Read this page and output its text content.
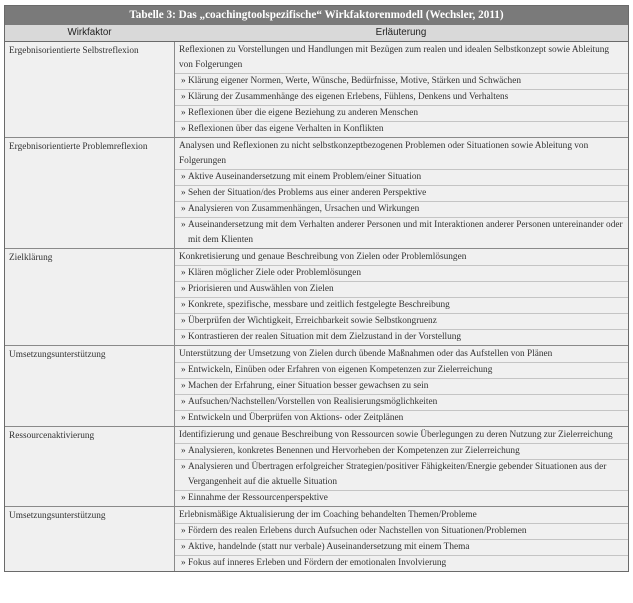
Tabelle 3: Das „coachingtoolspezifische“ Wirkfaktorenmodell (Wechsler, 2011)
Wirkfaktor	Erläuterung
Ergebnisorientierte Selbstreflexion	Reflexionen zu Vorstellungen und Handlungen mit Bezügen zum realen und idealen Selbstkonzept sowie Ableitung von Folgerungen
» Klärung eigener Normen, Werte, Wünsche, Bedürfnisse, Motive, Stärken und Schwächen
» Klärung der Zusammenhänge des eigenen Erlebens, Fühlens, Denkens und Verhaltens
» Reflexionen über die eigene Beziehung zu anderen Menschen
» Reflexionen über das eigene Verhalten in Konflikten
Ergebnisorientierte Problemreflexion	Analysen und Reflexionen zu nicht selbstkonzeptbezogenen Problemen oder Situationen sowie Ableitung von Folgerungen
» Aktive Auseinandersetzung mit einem Problem/einer Situation
» Sehen der Situation/des Problems aus einer anderen Perspektive
» Analysieren von Zusammenhängen, Ursachen und Wirkungen
» Auseinandersetzung mit dem Verhalten anderer Personen und mit Interaktionen anderer Personen untereinander oder mit dem Klienten
Zielklärung	Konkretisierung und genaue Beschreibung von Zielen oder Problemlösungen
» Klären möglicher Ziele oder Problemlösungen
» Priorisieren und Auswählen von Zielen
» Konkrete, spezifische, messbare und zeitlich festgelegte Beschreibung
» Überprüfen der Wichtigkeit, Erreichbarkeit sowie Selbstkongruenz
» Kontrastieren der realen Situation mit dem Zielzustand in der Vorstellung
Umsetzungsunterstützung	Unterstützung der Umsetzung von Zielen durch übende Maßnahmen oder das Aufstellen von Plänen
» Entwickeln, Einüben oder Erfahren von eigenen Kompetenzen zur Zielerreichung
» Machen der Erfahrung, einer Situation besser gewachsen zu sein
» Aufsuchen/Nachstellen/Vorstellen von Realisierungsmöglichkeiten
» Entwickeln und Überprüfen von Aktions- oder Zeitplänen
Ressourcenaktivierung	Identifizierung und genaue Beschreibung von Ressourcen sowie Überlegungen zu deren Nutzung zur Zielerreichung
» Analysieren, konkretes Benennen und Hervorheben der Kompetenzen zur Zielerreichung
» Analysieren und Übertragen erfolgreicher Strategien/positiver Fähigkeiten/Energie gebender Situationen aus der Vergangenheit auf die aktuelle Situation
» Einnahme der Ressourcenperspektive
Umsetzungsunterstützung	Erlebnismäßige Aktualisierung der im Coaching behandelten Themen/Probleme
» Fördern des realen Erlebens durch Aufsuchen oder Nachstellen von Situationen/Problemen
» Aktive, handelnde (statt nur verbale) Auseinandersetzung mit einem Thema
» Fokus auf inneres Erleben und Fördern der emotionalen Involvierung
